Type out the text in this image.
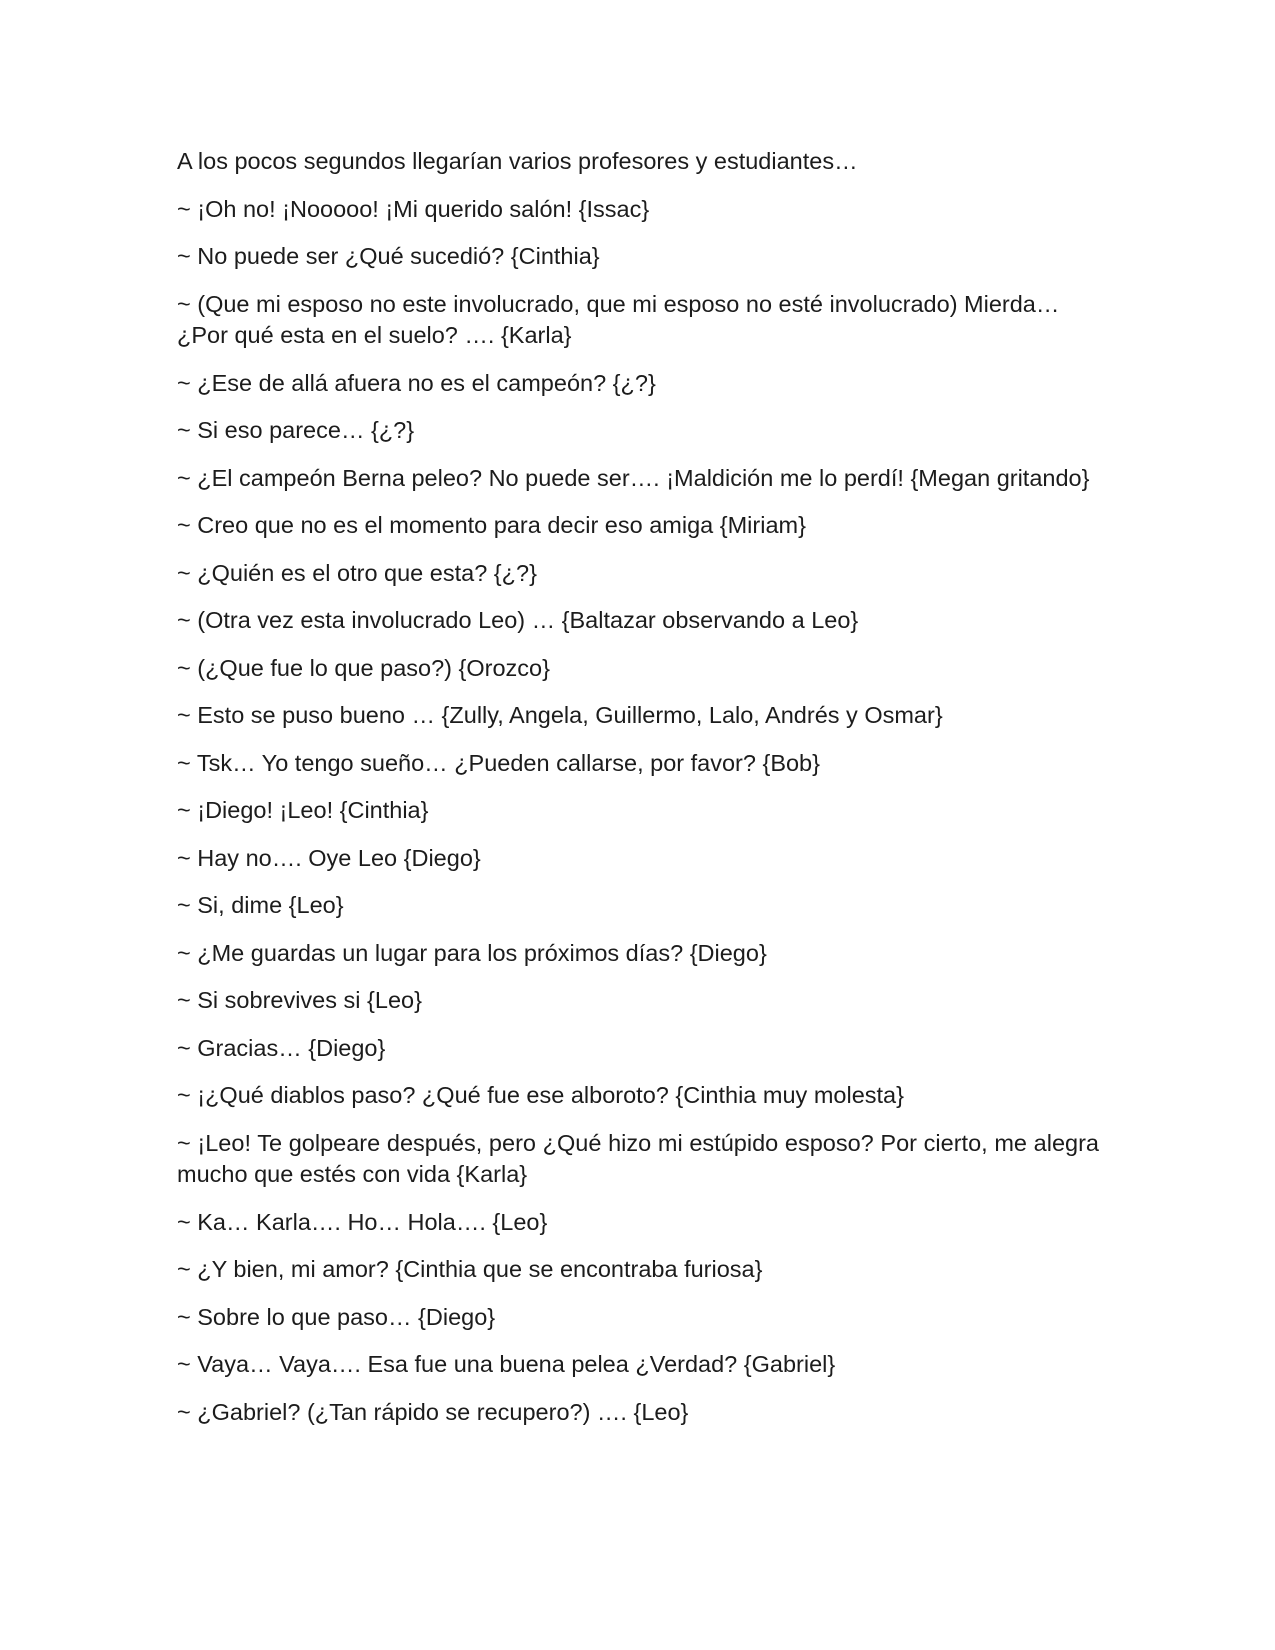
A los pocos segundos llegarían varios profesores y estudiantes…

~ ¡Oh no! ¡Nooooo! ¡Mi querido salón! {Issac}

~ No puede ser ¿Qué sucedió? {Cinthia}

~ (Que mi esposo no este involucrado, que mi esposo no esté involucrado) Mierda… ¿Por qué esta en el suelo? …. {Karla}

~ ¿Ese de allá afuera no es el campeón? {¿?}

~ Si eso parece… {¿?}

~ ¿El campeón Berna peleo? No puede ser…. ¡Maldición me lo perdí! {Megan gritando}

~ Creo que no es el momento para decir eso amiga {Miriam}

~ ¿Quién es el otro que esta? {¿?}

~ (Otra vez esta involucrado Leo) … {Baltazar observando a Leo}

~ (¿Que fue lo que paso?) {Orozco}

~ Esto se puso bueno … {Zully, Angela, Guillermo, Lalo, Andrés y Osmar}

~ Tsk… Yo tengo sueño… ¿Pueden callarse, por favor? {Bob}

~ ¡Diego! ¡Leo! {Cinthia}

~ Hay no…. Oye Leo {Diego}

~ Si, dime {Leo}

~ ¿Me guardas un lugar para los próximos días? {Diego}

~ Si sobrevives si {Leo}

~ Gracias… {Diego}

~ ¡¿Qué diablos paso? ¿Qué fue ese alboroto? {Cinthia muy molesta}

~ ¡Leo! Te golpeare después, pero ¿Qué hizo mi estúpido esposo? Por cierto, me alegra mucho que estés con vida {Karla}

~ Ka… Karla…. Ho… Hola…. {Leo}

~ ¿Y bien, mi amor? {Cinthia que se encontraba furiosa}

~ Sobre lo que paso… {Diego}

~ Vaya… Vaya…. Esa fue una buena pelea ¿Verdad? {Gabriel}

~ ¿Gabriel? (¿Tan rápido se recupero?) …. {Leo}
